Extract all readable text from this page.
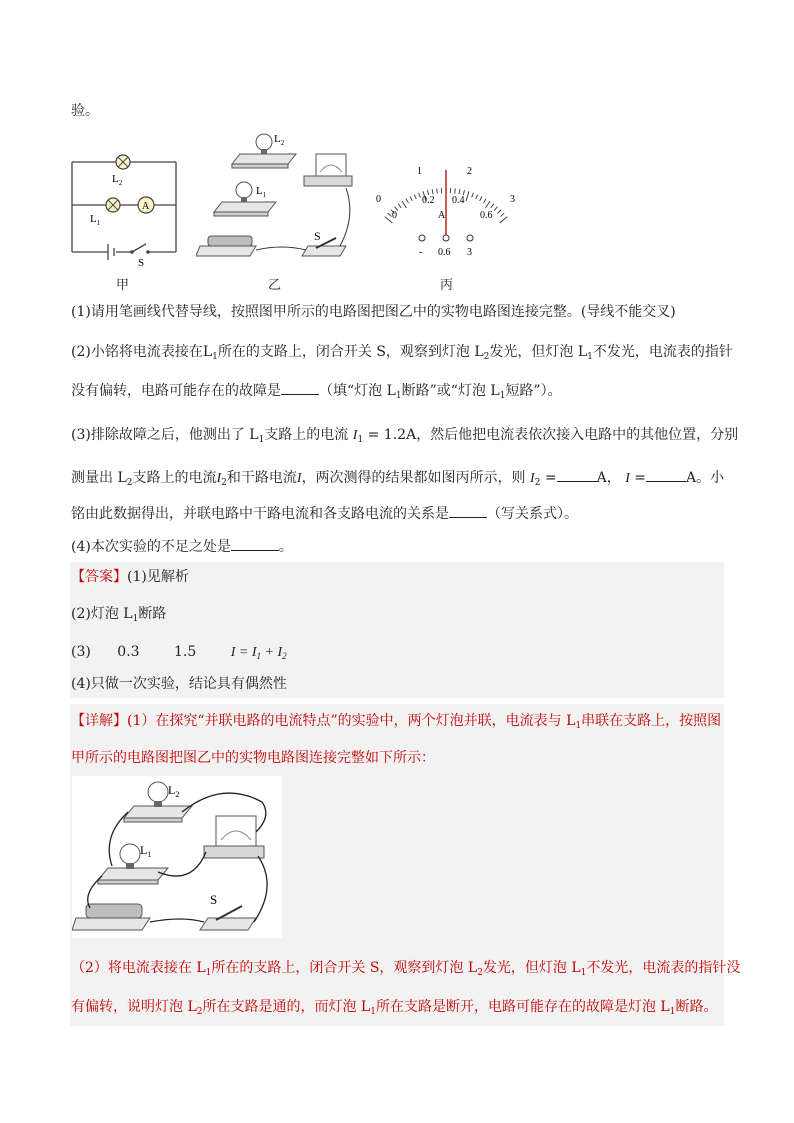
验。
$L_2$
$L_1$
A
S
甲
$L_2$
$L_1$
S
乙
0
1	2
3
0
0.2 0.4
0.6
A
- 0.6 3
丙
(1)请用笔画线代替导线，按照图甲所示的电路图把图乙中的实物电路图连接完整。(导线不能交叉)
(2)小铭将电流表接在$L_1$所在的支路上，闭合开关 S，观察到灯泡 $L_2$发光，但灯泡 $L_1$不发光，电流表的指针
没有偏转，电路可能存在的故障是	（填“灯泡 $L_1$断路”或“灯泡 $L_1$短路”）。
(3)排除故障之后，他测出了 $L_1$支路上的电流 $I_1 = 1.2A$，然后他把电流表依次接入电路中的其他位置，分别
测量出 $L_2$支路上的电流$I_2$和干路电流I，两次测得的结果都如图丙所示，则 $I_2$ =	A， I =	A。小
铭由此数据得出，并联电路中干路电流和各支路电流的关系是	（写关系式）。
(4)本次实验的不足之处是	。
【答案】(1)见解析
(2)灯泡 $L_1$断路
(3) 0.3 1.5 $I = I_1 + I_2$
(4)只做一次实验，结论具有偶然性
【详解】(1）在探究“并联电路的电流特点”的实验中，两个灯泡并联，电流表与 $L_1$串联在支路上，按照图
甲所示的电路图把图乙中的实物电路图连接完整如下所示：
$L_2$
$L_1$
S
（2）将电流表接在 $L_1$所在的支路上，闭合开关 S，观察到灯泡 $L_2$发光，但灯泡 $L_1$不发光，电流表的指针没
有偏转，说明灯泡 $L_2$所在支路是通的，而灯泡 $L_1$所在支路是断开，电路可能存在的故障是灯泡 $L_1$断路。
